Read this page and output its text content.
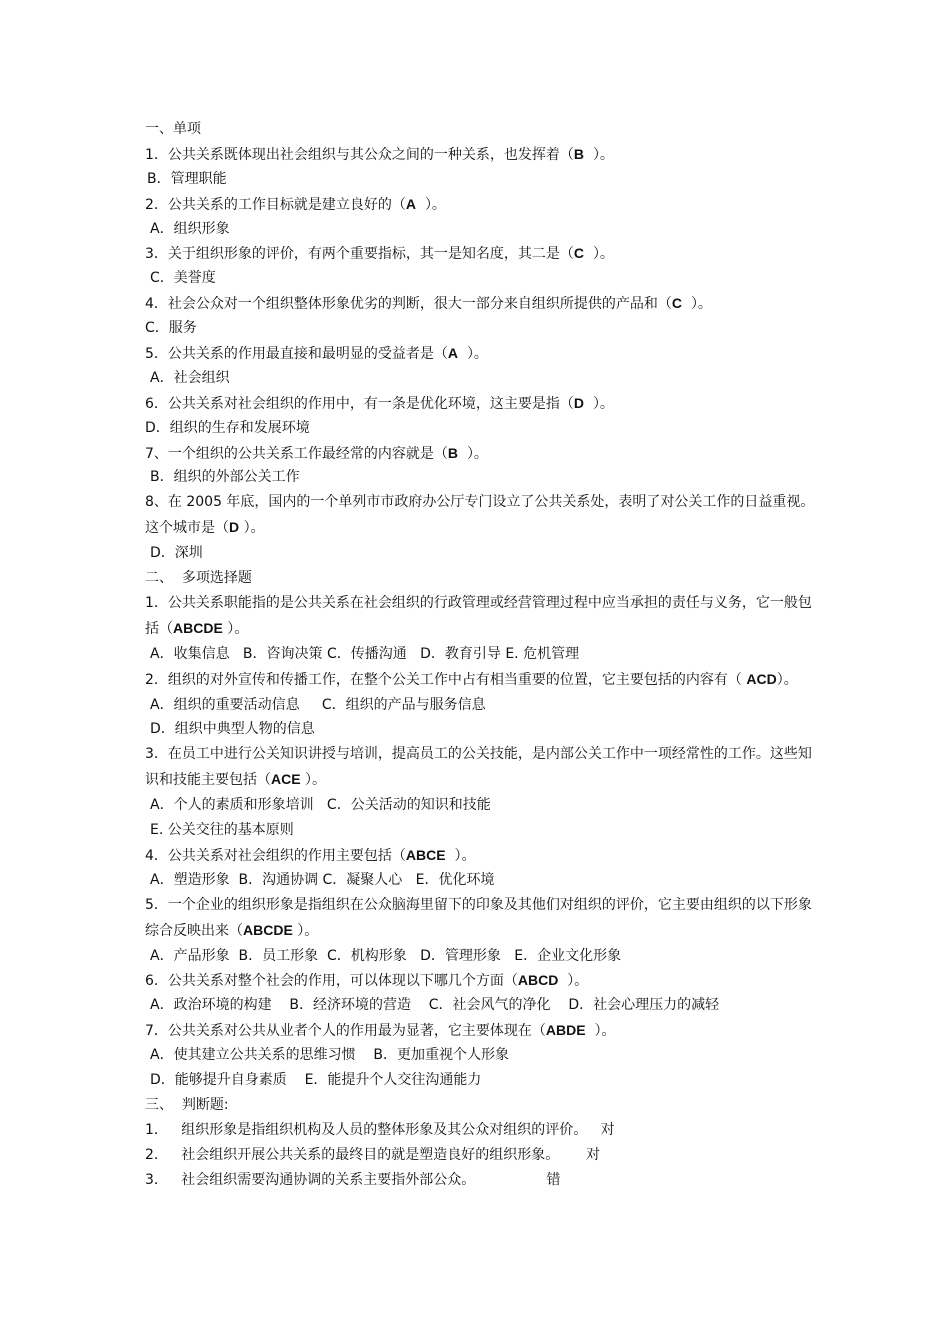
一、单项
1．公共关系既体现出社会组织与其公众之间的一种关系，也发挥着（B ）。
B．管理职能
2．公共关系的工作目标就是建立良好的（A ）。
A．组织形象
3．关于组织形象的评价，有两个重要指标，其一是知名度，其二是（C ）。
C．美誉度
4．社会公众对一个组织整体形象优劣的判断，很大一部分来自组织所提供的产品和（C ）。
C．服务
5．公共关系的作用最直接和最明显的受益者是（A ）。
A．社会组织
6．公共关系对社会组织的作用中，有一条是优化环境，这主要是指（D ）。
D．组织的生存和发展环境
7、一个组织的公共关系工作最经常的内容就是（B ）。
B．组织的外部公关工作
8、在 2005 年底，国内的一个单列市市政府办公厅专门设立了公共关系处，表明了对公关工作的日益重视。这个城市是（D ）。
D．深圳
二、  多项选择题
1．公共关系职能指的是公共关系在社会组织的行政管理或经营管理过程中应当承担的责任与义务，它一般包括（ABCDE ）。
A．收集信息   B．咨询决策 C．传播沟通   D．教育引导 E. 危机管理
2．组织的对外宣传和传播工作，在整个公关工作中占有相当重要的位置，它主要包括的内容有（ ACD）。
A．组织的重要活动信息     C．组织的产品与服务信息
D．组织中典型人物的信息
3．在员工中进行公关知识讲授与培训，提高员工的公关技能，是内部公关工作中一项经常性的工作。这些知识和技能主要包括（ACE ）。
A．个人的素质和形象培训   C．公关活动的知识和技能
E. 公关交往的基本原则
4．公共关系对社会组织的作用主要包括（ABCE ）。
A．塑造形象  B．沟通协调 C．凝聚人心   E．优化环境
5．一个企业的组织形象是指组织在公众脑海里留下的印象及其他们对组织的评价，它主要由组织的以下形象综合反映出来（ABCDE ）。
A．产品形象  B．员工形象  C．机构形象   D．管理形象   E．企业文化形象
6．公共关系对整个社会的作用，可以体现以下哪几个方面（ABCD ）。
A．政治环境的构建    B．经济环境的营造    C．社会风气的净化    D．社会心理压力的减轻
7．公共关系对公共从业者个人的作用最为显著，它主要体现在（ABDE ）。
A．使其建立公共关系的思维习惯    B．更加重视个人形象
D．能够提升自身素质    E．能提升个人交往沟通能力
三、  判断题:
1．   组织形象是指组织机构及人员的整体形象及其公众对组织的评价。   对
2．   社会组织开展公共关系的最终目的就是塑造良好的组织形象。      对
3．   社会组织需要沟通协调的关系主要指外部公众。                错
